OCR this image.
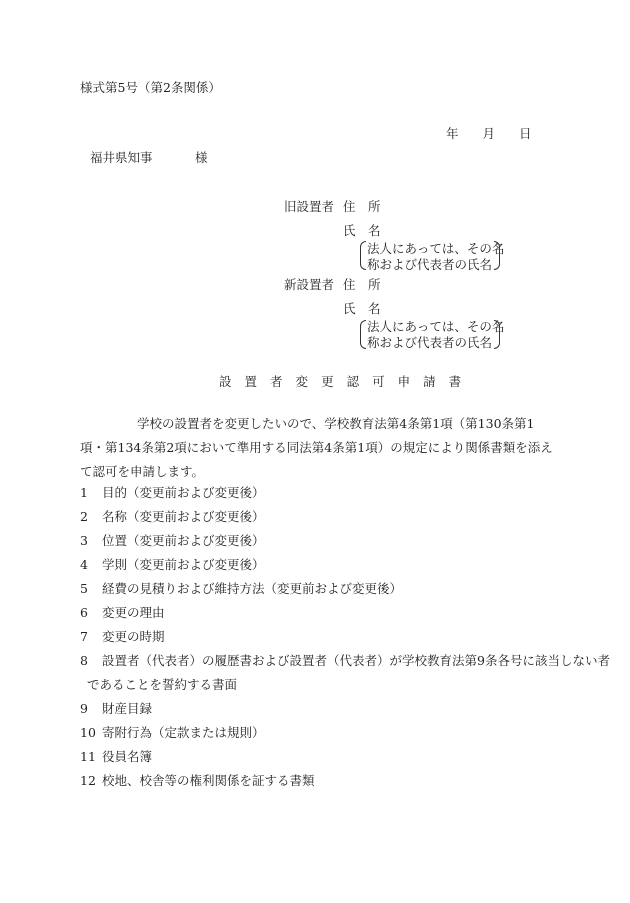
様式第5号（第2条関係）
年 月 日
福井県知事	様
旧設置者 住　所
氏　名
法人にあっては、その名
称および代表者の氏名
新設置者 住　所
氏　名
法人にあっては、その名
称および代表者の氏名
設 置 者 変 更 認 可 申 請 書
学校の設置者を変更したいので、学校教育法第4条第1項（第130条第1項・第134条第2項において準用する同法第4条第1項）の規定により関係書類を添えて認可を申請します。
1 目的（変更前および変更後）
2 名称（変更前および変更後）
3 位置（変更前および変更後）
4 学則（変更前および変更後）
5 経費の見積りおよび維持方法（変更前および変更後）
6 変更の理由
7 変更の時期
8 設置者（代表者）の履歴書および設置者（代表者）が学校教育法第9条各号に該当しない者
であることを誓約する書面
9 財産目録
10 寄附行為（定款または規則）
11 役員名簿
12 校地、校舎等の権利関係を証する書類
